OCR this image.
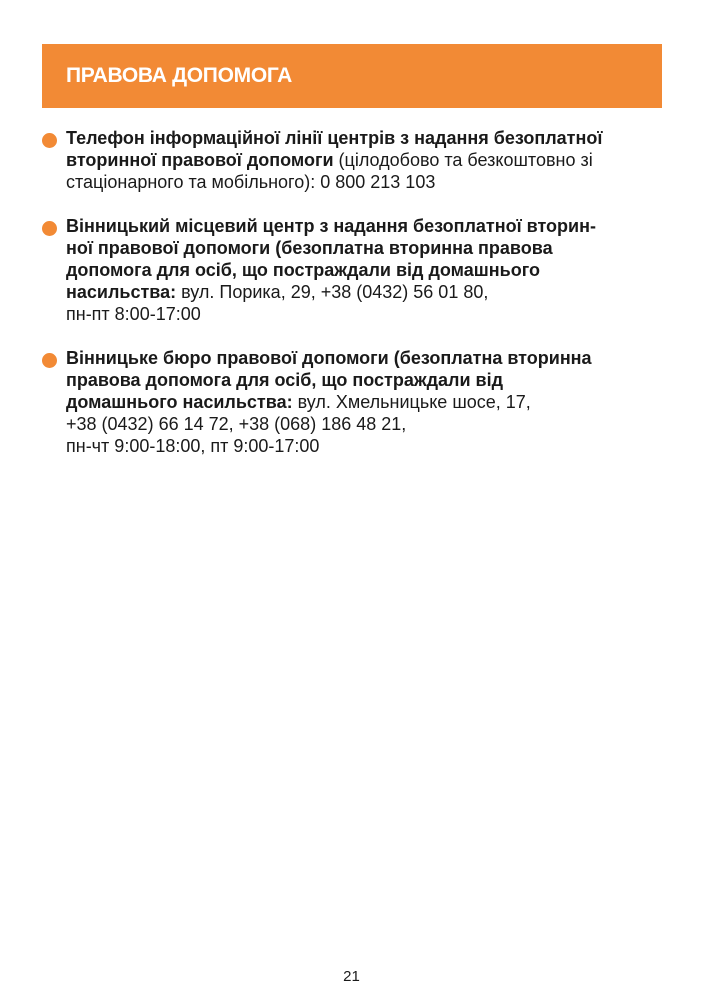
ПРАВОВА ДОПОМОГА
Телефон інформаційної лінії центрів з надання безоплатної
вторинної правової допомоги (цілодобово та безкоштовно зі
стаціонарного та мобільного): 0 800 213 103
Вінницький місцевий центр з надання безоплатної вторин-
ної правової допомоги (безоплатна вторинна правова
допомога для осіб, що постраждали від домашнього
насильства: вул. Порика, 29, +38 (0432) 56 01 80,
пн-пт 8:00-17:00
Вінницьке бюро правової допомоги (безоплатна вторинна
правова допомога для осіб, що постраждали від
домашнього насильства: вул. Хмельницьке шосе, 17,
+38 (0432) 66 14 72, +38 (068) 186 48 21,
пн-чт 9:00-18:00, пт 9:00-17:00
21
